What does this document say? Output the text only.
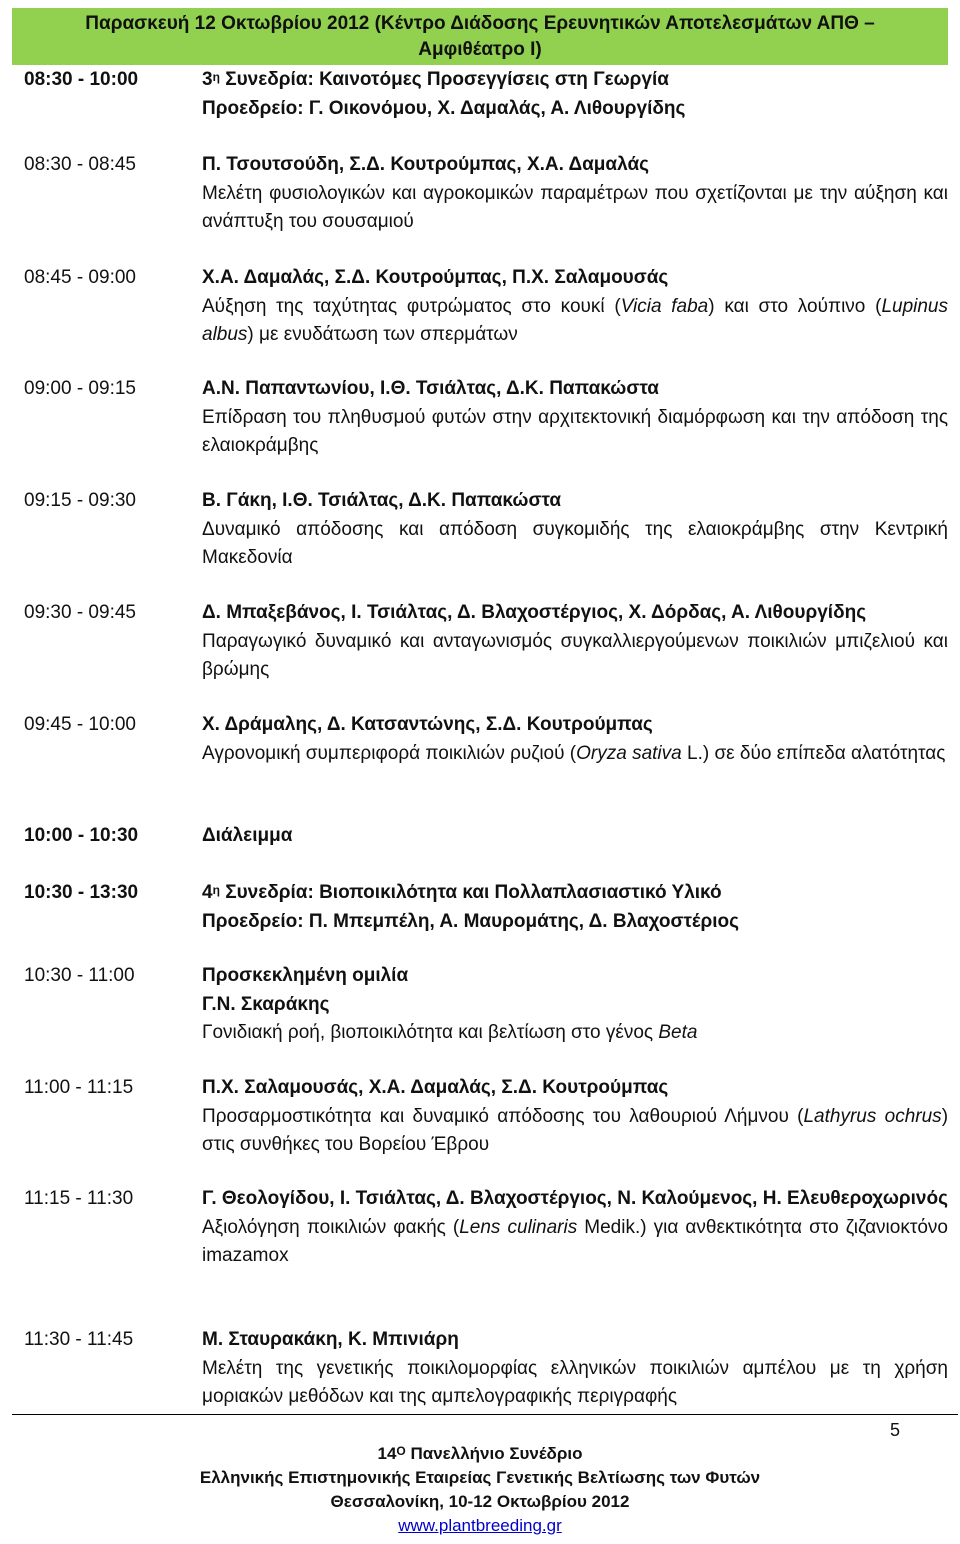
Παρασκευή 12 Οκτωβρίου 2012 (Κέντρο Διάδοσης Ερευνητικών Αποτελεσμάτων ΑΠΘ –
Αμφιθέατρο Ι)
08:30 - 10:00	$3^\eta$ Συνεδρία: Καινοτόμες Προσεγγίσεις στη Γεωργία
Προεδρείο: Γ. Οικονόμου, Χ. Δαμαλάς, Α. Λιθουργίδης
08:30 - 08:45	Π. Τσουτσούδη, Σ.Δ. Κουτρούμπας, Χ.Α. Δαμαλάς
Μελέτη φυσιολογικών και αγροκομικών παραμέτρων που σχετίζονται με την αύξηση και ανάπτυξη του σουσαμιού
08:45 - 09:00	Χ.Α. Δαμαλάς, Σ.Δ. Κουτρούμπας, Π.Χ. Σαλαμουσάς
Αύξηση της ταχύτητας φυτρώματος στο κουκί (Vicia faba) και στο λούπινο (Lupinus albus) με ενυδάτωση των σπερμάτων
09:00 - 09:15	Α.Ν. Παπαντωνίου, Ι.Θ. Τσιάλτας, Δ.Κ. Παπακώστα
Επίδραση του πληθυσμού φυτών στην αρχιτεκτονική διαμόρφωση και την απόδοση της ελαιοκράμβης
09:15 - 09:30	Β. Γάκη, Ι.Θ. Τσιάλτας, Δ.Κ. Παπακώστα
Δυναμικό απόδοσης και απόδοση συγκομιδής της ελαιοκράμβης στην Κεντρική Μακεδονία
09:30 - 09:45	Δ. Μπαξεβάνος, Ι. Τσιάλτας, Δ. Βλαχοστέργιος, Χ. Δόρδας, Α. Λιθουργίδης
Παραγωγικό δυναμικό και ανταγωνισμός συγκαλλιεργούμενων ποικιλιών μπιζελιού και βρώμης
09:45 - 10:00	Χ. Δράμαλης, Δ. Κατσαντώνης, Σ.Δ. Κουτρούμπας
Αγρονομική συμπεριφορά ποικιλιών ρυζιού (Oryza sativa L.) σε δύο επίπεδα αλατότητας
10:00 - 10:30	Διάλειμμα
10:30 - 13:30	$4^\eta$ Συνεδρία: Βιοποικιλότητα και Πολλαπλασιαστικό Υλικό
Προεδρείο: Π. Μπεμπέλη, Α. Μαυρομάτης, Δ. Βλαχοστέριος
10:30 - 11:00	Προσκεκλημένη ομιλία
Γ.Ν. Σκαράκης
Γονιδιακή ροή, βιοποικιλότητα και βελτίωση στο γένος Beta
11:00 - 11:15	Π.Χ. Σαλαμουσάς, Χ.Α. Δαμαλάς, Σ.Δ. Κουτρούμπας
Προσαρμοστικότητα και δυναμικό απόδοσης του λαθουριού Λήμνου (Lathyrus ochrus) στις συνθήκες του Βορείου Έβρου
11:15 - 11:30	Γ. Θεολογίδου, Ι. Τσιάλτας, Δ. Βλαχοστέργιος, Ν. Καλούμενος, Η. Ελευθεροχωρινός
Αξιολόγηση ποικιλιών φακής (Lens culinaris Medik.) για ανθεκτικότητα στο ζιζανιοκτόνο imazamox
11:30 - 11:45	Μ. Σταυρακάκη, Κ. Μπινιάρη
Μελέτη της γενετικής ποικιλομορφίας ελληνικών ποικιλιών αμπέλου με τη χρήση μοριακών μεθόδων και της αμπελογραφικής περιγραφής
5
$14^O$ Πανελλήνιο Συνέδριο
Ελληνικής Επιστημονικής Εταιρείας Γενετικής Βελτίωσης των Φυτών
Θεσσαλονίκη, 10-12 Οκτωβρίου 2012
www.plantbreeding.gr
